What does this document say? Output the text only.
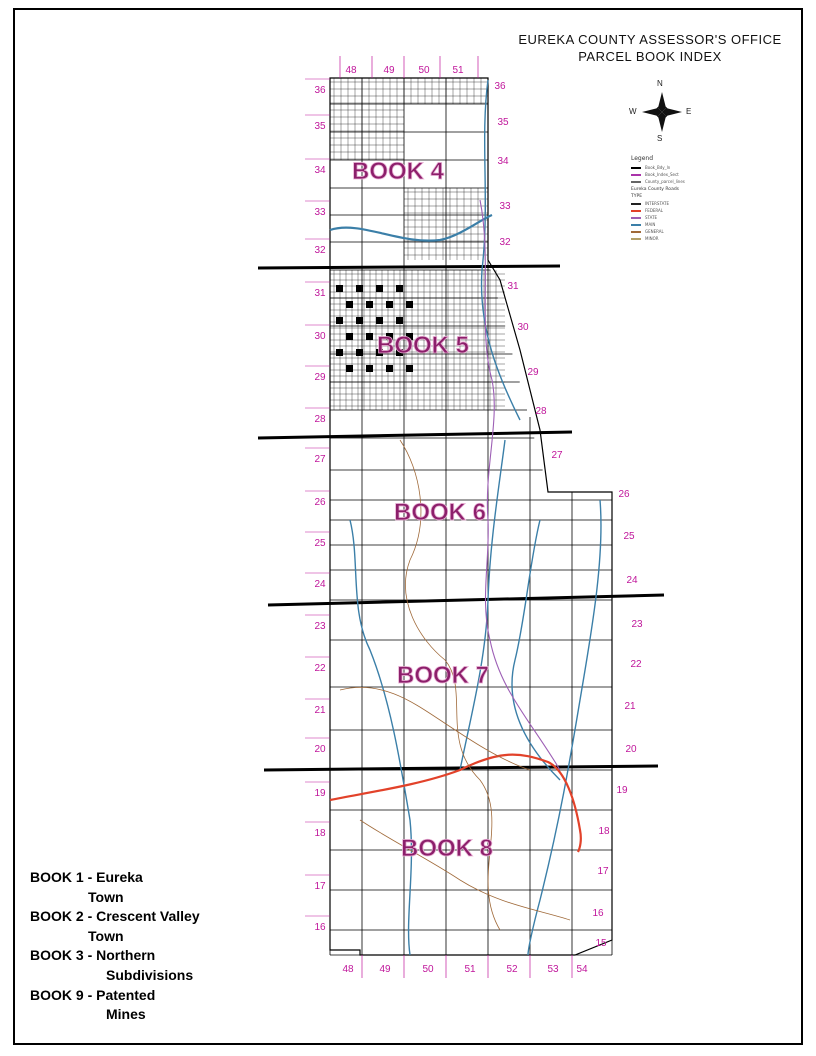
EUREKA COUNTY ASSESSOR'S OFFICE
PARCEL BOOK INDEX
N
S
E
W
Legend
Book_Bdy_ln
Book_Index_Sect
County_parcel_lines
Eureka County Roads
TYPE
INTERSTATE
FEDERAL
STATE
MAIN
GENERAL
MINOR
BOOK 4
BOOK 5
BOOK 6
BOOK 7
BOOK 8
48	49 50 51
48	49	50	51	52	53 54
36
35
34
33
32
31
30
29
28
27
26
25
24
23
22
21
20
19
18
17
16
36
35
34
33
32
31
30
29
28
27
26
25
24
23
22
21
20
19
18
17
16
15
BOOK 1 - Eureka
Town
BOOK 2 - Crescent Valley
Town
BOOK 3 - Northern
Subdivisions
BOOK 9 - Patented
Mines
